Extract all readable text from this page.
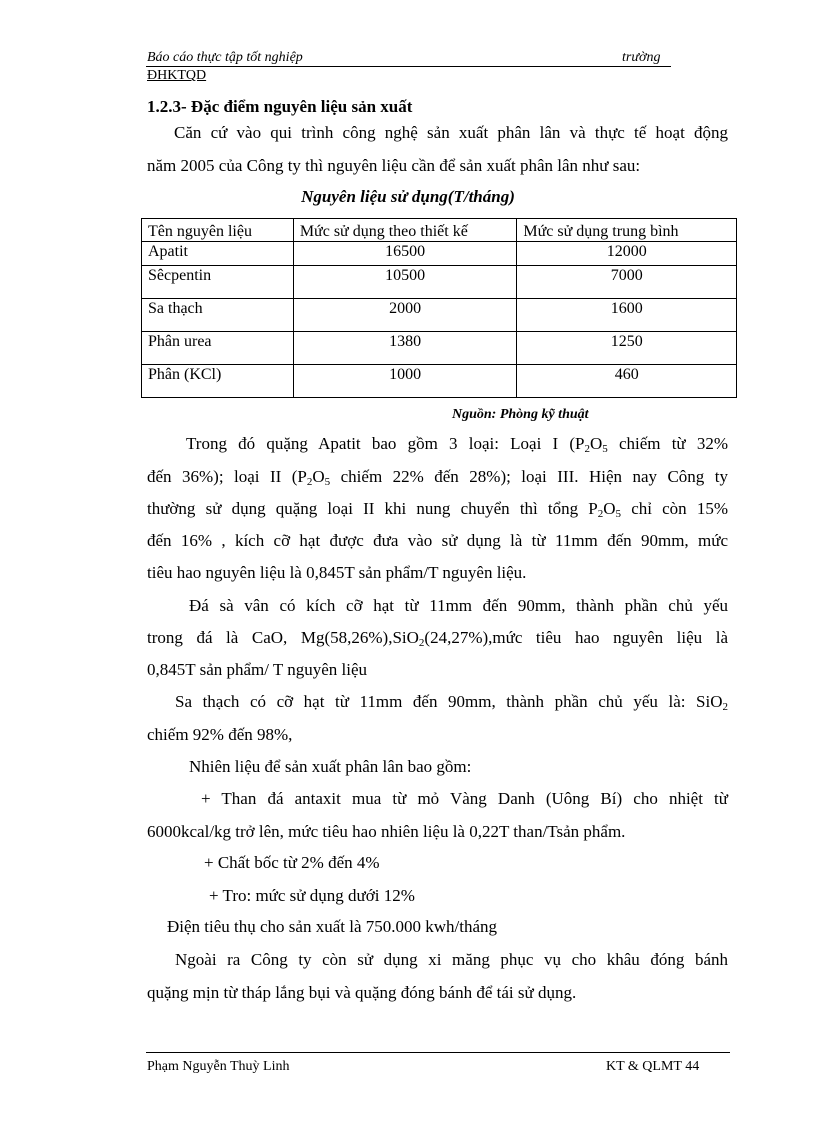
Báo cáo thực tập tốt nghiệp	trường
ĐHKTQD
1.2.3- Đặc điểm nguyên liệu sản xuất
Căn cứ vào qui trình công nghệ sản xuất phân lân và thực tế hoạt động
năm 2005 của Công ty thì nguyên liệu cần để sản xuất phân lân như sau:
Nguyên liệu sử dụng(T/tháng)
Tên nguyên liệu	Mức sử dụng theo thiết kế	Mức sử dụng trung bình
Apatit	16500	12000
Sêcpentin	10500	7000
Sa thạch	2000	1600
Phân urea	1380	1250
Phân (KCl)	1000	460
Nguồn: Phòng kỹ thuật
Trong đó quặng Apatit bao gồm 3 loại: Loại I ($P_2O_5$ chiếm từ 32%
đến 36%); loại II ($P_2O_5$ chiếm 22% đến 28%); loại III. Hiện nay Công ty
thường sử dụng quặng loại II khi nung chuyển thì tổng $P_2O_5$ chỉ còn 15%
đến 16% , kích cỡ hạt được đưa vào sử dụng là từ 11mm đến 90mm, mức
tiêu hao nguyên liệu là 0,845T sản phẩm/T nguyên liệu.
Đá sà vân có kích cỡ hạt từ 11mm đến 90mm, thành phần chủ yếu
trong đá là CaO, Mg(58,26%),SiO$_2$(24,27%),mức tiêu hao nguyên liệu là
0,845T sản phẩm/ T nguyên liệu
Sa thạch có cỡ hạt từ 11mm đến 90mm, thành phần chủ yếu là: SiO$_2$
chiếm 92% đến 98%,
Nhiên liệu để sản xuất phân lân bao gồm:
+ Than đá antaxit mua từ mỏ Vàng Danh (Uông Bí) cho nhiệt từ
6000kcal/kg trở lên, mức tiêu hao nhiên liệu là 0,22T than/Tsản phẩm.
+ Chất bốc từ 2% đến 4%
+ Tro: mức sử dụng dưới 12%
Điện tiêu thụ cho sản xuất là 750.000 kwh/tháng
Ngoài ra Công ty còn sử dụng xi măng phục vụ cho khâu đóng bánh
quặng mịn từ tháp lắng bụi và quặng đóng bánh để tái sử dụng.
Phạm Nguyễn Thuỳ Linh	KT & QLMT 44
